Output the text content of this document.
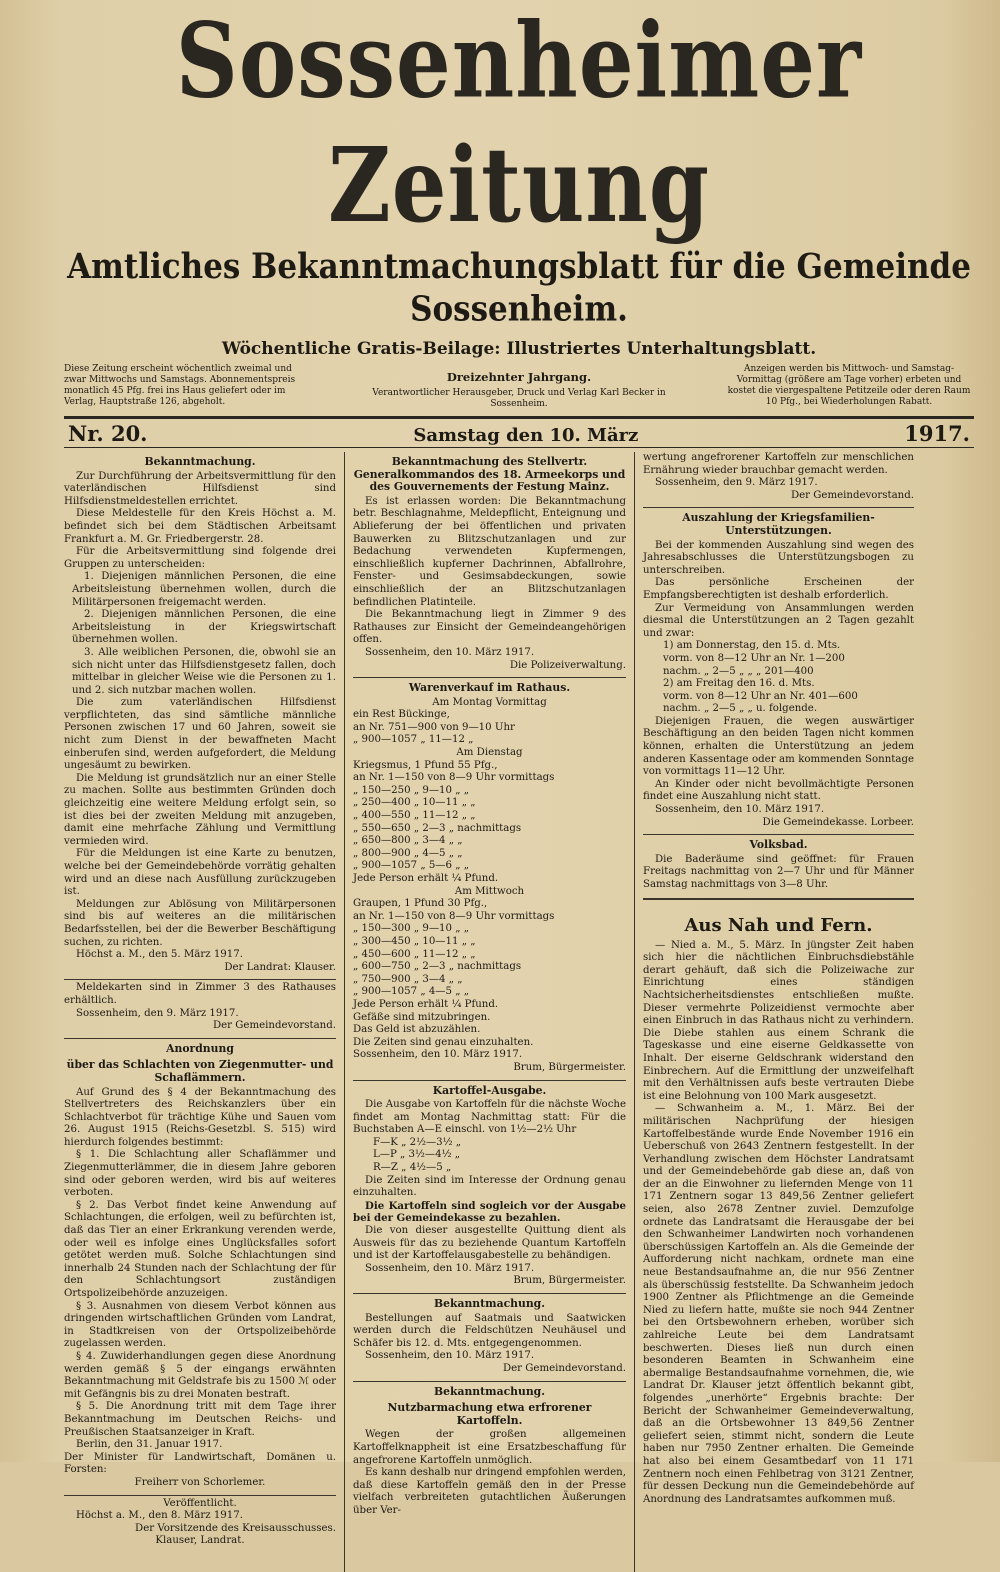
Sossenheimer Zeitung
Amtliches Bekanntmachungsblatt für die Gemeinde Sossenheim.
Wöchentliche Gratis-Beilage: Illustriertes Unterhaltungsblatt.
Diese Zeitung erscheint wöchentlich zweimal und zwar Mittwochs und Samstags. Abonnementspreis monatlich 45 Pfg. frei ins Haus geliefert oder im Verlag, Hauptstraße 126, abgeholt.
Dreizehnter Jahrgang.
Verantwortlicher Herausgeber, Druck und Verlag Karl Becker in Sossenheim.
Anzeigen werden bis Mittwoch- und Samstag-Vormittag (größere am Tage vorher) erbeten und kostet die viergespaltene Petitzeile oder deren Raum 10 Pfg., bei Wiederholungen Rabatt.
Nr. 20.	Samstag den 10. März	1917.
Bekanntmachung.

Zur Durchführung der Arbeitsvermittlung für den vaterländischen Hilfsdienst sind Hilfsdienstmeldestellen errichtet.

Diese Meldestelle für den Kreis Höchst a. M. befindet sich bei dem Städtischen Arbeitsamt Frankfurt a. M. Gr. Friedbergerstr. 28.

Für die Arbeitsvermittlung sind folgende drei Gruppen zu unterscheiden:

1. Diejenigen männlichen Personen, die eine Arbeitsleistung übernehmen wollen, durch die Militärpersonen freigemacht werden.

2. Diejenigen männlichen Personen, die eine Arbeitsleistung in der Kriegswirtschaft übernehmen wollen.

3. Alle weiblichen Personen, die, obwohl sie an sich nicht unter das Hilfsdienstgesetz fallen, doch mittelbar in gleicher Weise wie die Personen zu 1. und 2. sich nutzbar machen wollen.

Die zum vaterländischen Hilfsdienst verpflichteten, das sind sämtliche männliche Personen zwischen 17 und 60 Jahren, soweit sie nicht zum Dienst in der bewaffneten Macht einberufen sind, werden aufgefordert, die Meldung ungesäumt zu bewirken.

Die Meldung ist grundsätzlich nur an einer Stelle zu machen. Sollte aus bestimmten Gründen doch gleichzeitig eine weitere Meldung erfolgt sein, so ist dies bei der zweiten Meldung mit anzugeben, damit eine mehrfache Zählung und Vermittlung vermieden wird.

Für die Meldungen ist eine Karte zu benutzen, welche bei der Gemeindebehörde vorrätig gehalten wird und an diese nach Ausfüllung zurückzugeben ist.

Meldungen zur Ablösung von Militärpersonen sind bis auf weiteres an die militärischen Bedarfsstellen, bei der die Bewerber Beschäftigung suchen, zu richten.

Höchst a. M., den 5. März 1917.

Der Landrat: Klauser.

Meldekarten sind in Zimmer 3 des Rathauses erhältlich.

Sossenheim, den 9. März 1917.

Der Gemeindevorstand.

Anordnung
über das Schlachten von Ziegenmutter- und Schaflämmern.

Auf Grund des § 4 der Bekanntmachung des Stellvertreters des Reichskanzlers über ein Schlachtverbot für trächtige Kühe und Sauen vom 26. August 1915 (Reichs-Gesetzbl. S. 515) wird hierdurch folgendes bestimmt:

§ 1. Die Schlachtung aller Schaflämmer und Ziegenmutterlämmer, die in diesem Jahre geboren sind oder geboren werden, wird bis auf weiteres verboten.

§ 2. Das Verbot findet keine Anwendung auf Schlachtungen, die erfolgen, weil zu befürchten ist, daß das Tier an einer Erkrankung verenden werde, oder weil es infolge eines Unglücksfalles sofort getötet werden muß. Solche Schlachtungen sind innerhalb 24 Stunden nach der Schlachtung der für den Schlachtungsort zuständigen Ortspolizeibehörde anzuzeigen.

§ 3. Ausnahmen von diesem Verbot können aus dringenden wirtschaftlichen Gründen vom Landrat, in Stadtkreisen von der Ortspolizeibehörde zugelassen werden.

§ 4. Zuwiderhandlungen gegen diese Anordnung werden gemäß § 5 der eingangs erwähnten Bekanntmachung mit Geldstrafe bis zu 1500 ℳ oder mit Gefängnis bis zu drei Monaten bestraft.

§ 5. Die Anordnung tritt mit dem Tage ihrer Bekanntmachung im Deutschen Reichs- und Preußischen Staatsanzeiger in Kraft.

Berlin, den 31. Januar 1917.

Der Minister für Landwirtschaft, Domänen u. Forsten:

Freiherr von Schorlemer.

Veröffentlicht.

Höchst a. M., den 8. März 1917.

Der Vorsitzende des Kreisausschusses.

Klauser, Landrat.

Bekanntmachung des Stellvertr. Generalkommandos des 18. Armeekorps und des Gouvernements der Festung Mainz.

Es ist erlassen worden: Die Bekanntmachung betr. Beschlagnahme, Meldepflicht, Enteignung und Ablieferung der bei öffentlichen und privaten Bauwerken zu Blitzschutzanlagen und zur Bedachung verwendeten Kupfermengen, einschließlich kupferner Dachrinnen, Abfallrohre, Fenster- und Gesimsabdeckungen, sowie einschließlich der an Blitzschutzanlagen befindlichen Platinteile.

Die Bekanntmachung liegt in Zimmer 9 des Rathauses zur Einsicht der Gemeindeangehörigen offen.

Sossenheim, den 10. März 1917.

Die Polizeiverwaltung.

Warenverkauf im Rathaus.

Am Montag Vormittag

ein Rest Bückinge,

an Nr. 751—900 von 9—10 Uhr

„ 900—1057 „ 11—12 „

Am Dienstag

Kriegsmus, 1 Pfund 55 Pfg.,

an Nr. 1—150 von 8—9 Uhr vormittags

„ 150—250 „ 9—10 „ „

„ 250—400 „ 10—11 „ „

„ 400—550 „ 11—12 „ „

„ 550—650 „ 2—3 „ nachmittags

„ 650—800 „ 3—4 „ „

„ 800—900 „ 4—5 „ „

„ 900—1057 „ 5—6 „ „

Jede Person erhält ¼ Pfund.

Am Mittwoch

Graupen, 1 Pfund 30 Pfg.,

an Nr. 1—150 von 8—9 Uhr vormittags

„ 150—300 „ 9—10 „ „

„ 300—450 „ 10—11 „ „

„ 450—600 „ 11—12 „ „

„ 600—750 „ 2—3 „ nachmittags

„ 750—900 „ 3—4 „ „

„ 900—1057 „ 4—5 „ „

Jede Person erhält ¼ Pfund.

Gefäße sind mitzubringen.

Das Geld ist abzuzählen.

Die Zeiten sind genau einzuhalten.

Sossenheim, den 10. März 1917.

Brum, Bürgermeister.

Kartoffel-Ausgabe.

Die Ausgabe von Kartoffeln für die nächste Woche findet am Montag Nachmittag statt: Für die Buchstaben A—E einschl. von 1½—2½ Uhr

F—K „ 2½—3½ „

L—P „ 3½—4½ „

R—Z „ 4½—5 „

Die Zeiten sind im Interesse der Ordnung genau einzuhalten.

Die Kartoffeln sind sogleich vor der Ausgabe bei der Gemeindekasse zu bezahlen.

Die von dieser ausgestellte Quittung dient als Ausweis für das zu beziehende Quantum Kartoffeln und ist der Kartoffelausgabestelle zu behändigen.

Sossenheim, den 10. März 1917.

Brum, Bürgermeister.

Bekanntmachung.

Bestellungen auf Saatmais und Saatwicken werden durch die Feldschützen Neuhäusel und Schäfer bis 12. d. Mts. entgegengenommen.

Sossenheim, den 10. März 1917.

Der Gemeindevorstand.

Bekanntmachung.
Nutzbarmachung etwa erfrorener Kartoffeln.

Wegen der großen allgemeinen Kartoffelknappheit ist eine Ersatzbeschaffung für angefrorene Kartoffeln unmöglich.

Es kann deshalb nur dringend empfohlen werden, daß diese Kartoffeln gemäß den in der Presse vielfach verbreiteten gutachtlichen Äußerungen über Ver-

wertung angefrorener Kartoffeln zur menschlichen Ernährung wieder brauchbar gemacht werden.

Sossenheim, den 9. März 1917.

Der Gemeindevorstand.

Auszahlung der Kriegsfamilien-Unterstützungen.

Bei der kommenden Auszahlung sind wegen des Jahresabschlusses die Unterstützungsbogen zu unterschreiben.

Das persönliche Erscheinen der Empfangsberechtigten ist deshalb erforderlich.

Zur Vermeidung von Ansammlungen werden diesmal die Unterstützungen an 2 Tagen gezahlt und zwar:

1) am Donnerstag, den 15. d. Mts.

vorm. von 8—12 Uhr an Nr. 1—200

nachm. „ 2—5 „ „ „ 201—400

2) am Freitag den 16. d. Mts.

vorm. von 8—12 Uhr an Nr. 401—600

nachm. „ 2—5 „ „ u. folgende.

Diejenigen Frauen, die wegen auswärtiger Beschäftigung an den beiden Tagen nicht kommen können, erhalten die Unterstützung an jedem anderen Kassentage oder am kommenden Sonntage von vormittags 11—12 Uhr.

An Kinder oder nicht bevollmächtigte Personen findet eine Auszahlung nicht statt.

Sossenheim, den 10. März 1917.

Die Gemeindekasse. Lorbeer.

Volksbad.

Die Baderäume sind geöffnet: für Frauen Freitags nachmittag von 2—7 Uhr und für Männer Samstag nachmittags von 3—8 Uhr.

Aus Nah und Fern.

— Nied a. M., 5. März. In jüngster Zeit haben sich hier die nächtlichen Einbruchsdiebstähle derart gehäuft, daß sich die Polizeiwache zur Einrichtung eines ständigen Nachtsicherheitsdienstes entschließen mußte. Dieser vermehrte Polizeidienst vermochte aber einen Einbruch in das Rathaus nicht zu verhindern. Die Diebe stahlen aus einem Schrank die Tageskasse und eine eiserne Geldkassette von Inhalt. Der eiserne Geldschrank widerstand den Einbrechern. Auf die Ermittlung der unzweifelhaft mit den Verhältnissen aufs beste vertrauten Diebe ist eine Belohnung von 100 Mark ausgesetzt.

— Schwanheim a. M., 1. März. Bei der militärischen Nachprüfung der hiesigen Kartoffelbestände wurde Ende November 1916 ein Ueberschuß von 2643 Zentnern festgestellt. In der Verhandlung zwischen dem Höchster Landratsamt und der Gemeindebehörde gab diese an, daß von der an die Einwohner zu liefernden Menge von 11 171 Zentnern sogar 13 849,56 Zentner geliefert seien, also 2678 Zentner zuviel. Demzufolge ordnete das Landratsamt die Herausgabe der bei den Schwanheimer Landwirten noch vorhandenen überschüssigen Kartoffeln an. Als die Gemeinde der Aufforderung nicht nachkam, ordnete man eine neue Bestandsaufnahme an, die nur 956 Zentner als überschüssig feststellte. Da Schwanheim jedoch 1900 Zentner als Pflichtmenge an die Gemeinde Nied zu liefern hatte, mußte sie noch 944 Zentner bei den Ortsbewohnern erheben, worüber sich zahlreiche Leute bei dem Landratsamt beschwerten. Dieses ließ nun durch einen besonderen Beamten in Schwanheim eine abermalige Bestandsaufnahme vornehmen, die, wie Landrat Dr. Klauser jetzt öffentlich bekannt gibt, folgendes „unerhörte“ Ergebnis brachte: Der Bericht der Schwanheimer Gemeindeverwaltung, daß an die Ortsbewohner 13 849,56 Zentner geliefert seien, stimmt nicht, sondern die Leute haben nur 7950 Zentner erhalten. Die Gemeinde hat also bei einem Gesamtbedarf von 11 171 Zentnern noch einen Fehlbetrag von 3121 Zentner, für dessen Deckung nun die Gemeindebehörde auf Anordnung des Landratsamtes aufkommen muß.
